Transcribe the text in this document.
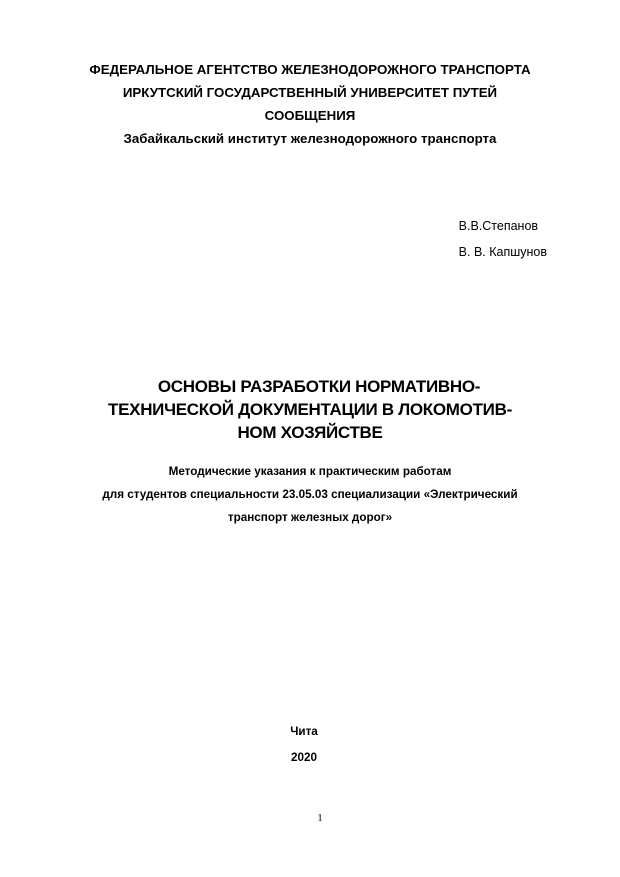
ФЕДЕРАЛЬНОЕ АГЕНТСТВО ЖЕЛЕЗНОДОРОЖНОГО ТРАНСПОРТА
ИРКУТСКИЙ ГОСУДАРСТВЕННЫЙ УНИВЕРСИТЕТ ПУТЕЙ
СООБЩЕНИЯ
Забайкальский институт железнодорожного транспорта
В.В.Степанов
В. В. Капшунов
ОСНОВЫ РАЗРАБОТКИ НОРМАТИВНО-
ТЕХНИЧЕСКОЙ ДОКУМЕНТАЦИИ В ЛОКОМОТИВ-
НОМ ХОЗЯЙСТВЕ
Методические указания к практическим работам
для студентов специальности 23.05.03 специализации «Электрический
транспорт железных дорог»
Чита
2020
1
